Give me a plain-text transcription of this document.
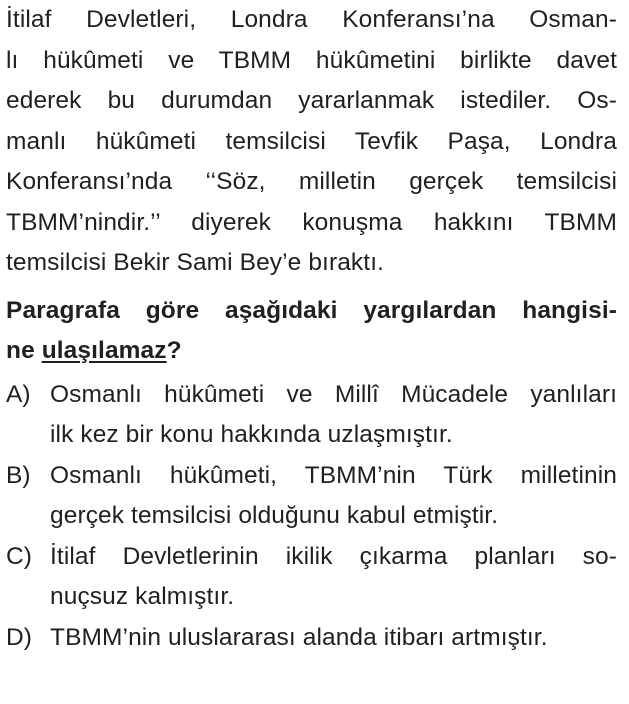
İtilaf Devletleri, Londra Konferansı’na Osman-
lı hükûmeti ve TBMM hükûmetini birlikte davet
ederek bu durumdan yararlanmak istediler. Os-
manlı hükûmeti temsilcisi Tevfik Paşa, Londra
Konferansı’nda ‘‘Söz, milletin gerçek temsilcisi
TBMM’nindir.’’ diyerek konuşma hakkını TBMM
temsilcisi Bekir Sami Bey’e bıraktı.
Paragrafa göre aşağıdaki yargılardan hangisi-
ne ulaşılamaz?
A) Osmanlı hükûmeti ve Millî Mücadele yanlıları
ilk kez bir konu hakkında uzlaşmıştır.
B) Osmanlı hükûmeti, TBMM’nin Türk milletinin
gerçek temsilcisi olduğunu kabul etmiştir.
C) İtilaf Devletlerinin ikilik çıkarma planları so-
nuçsuz kalmıştır.
D) TBMM’nin uluslararası alanda itibarı artmıştır.
